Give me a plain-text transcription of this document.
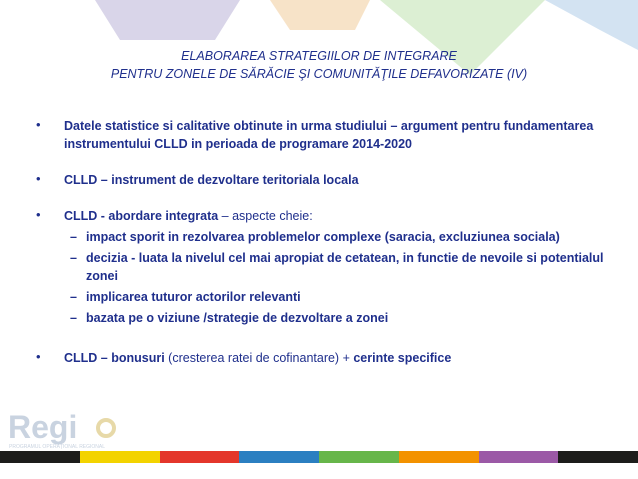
ELABORAREA STRATEGIILOR DE INTEGRARE
PENTRU ZONELE DE SĂRĂCIE ŞI COMUNITĂŢILE DEFAVORIZATE (IV)
• Datele statistice si calitative obtinute in urma studiului – argument pentru fundamentarea instrumentului CLLD in perioada de programare 2014-2020
• CLLD – instrument de dezvoltare teritoriala locala
• CLLD - abordare integrata – aspecte cheie:
– impact sporit in rezolvarea problemelor complexe (saracia, excluziunea sociala)
– decizia - luata la nivelul cel mai apropiat de cetatean, in functie de nevoile si potentialul zonei
– implicarea tuturor actorilor relevanti
– bazata pe o viziune /strategie de dezvoltare a zonei
• CLLD – bonusuri (cresterea ratei de cofinantare) + cerinte specifice
Regi
PROGRAMUL OPERAȚIONAL REGIONAL
